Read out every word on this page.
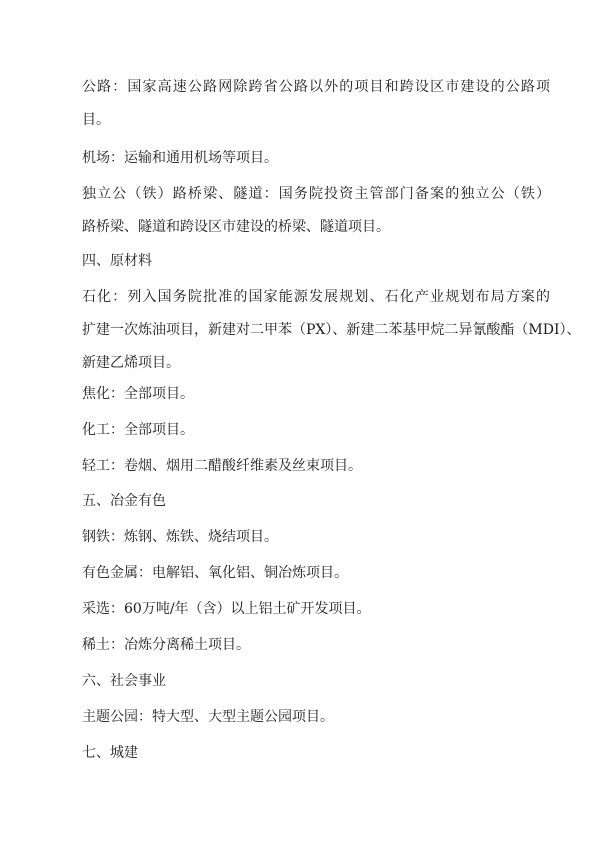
公路：国家高速公路网除跨省公路以外的项目和跨设区市建设的公路项
目。
机场：运输和通用机场等项目。
独立公（铁）路桥梁、隧道：国务院投资主管部门备案的独立公（铁）
路桥梁、隧道和跨设区市建设的桥梁、隧道项目。
四、原材料
石化：列入国务院批准的国家能源发展规划、石化产业规划布局方案的
扩建一次炼油项目，新建对二甲苯（PX）、新建二苯基甲烷二异氰酸酯（MDI）、
新建乙烯项目。
焦化：全部项目。
化工：全部项目。
轻工：卷烟、烟用二醋酸纤维素及丝束项目。
五、冶金有色
钢铁：炼钢、炼铁、烧结项目。
有色金属：电解铝、氧化铝、铜冶炼项目。
采选：60万吨/年（含）以上铝土矿开发项目。
稀土：冶炼分离稀土项目。
六、社会事业
主题公园：特大型、大型主题公园项目。
七、城建
